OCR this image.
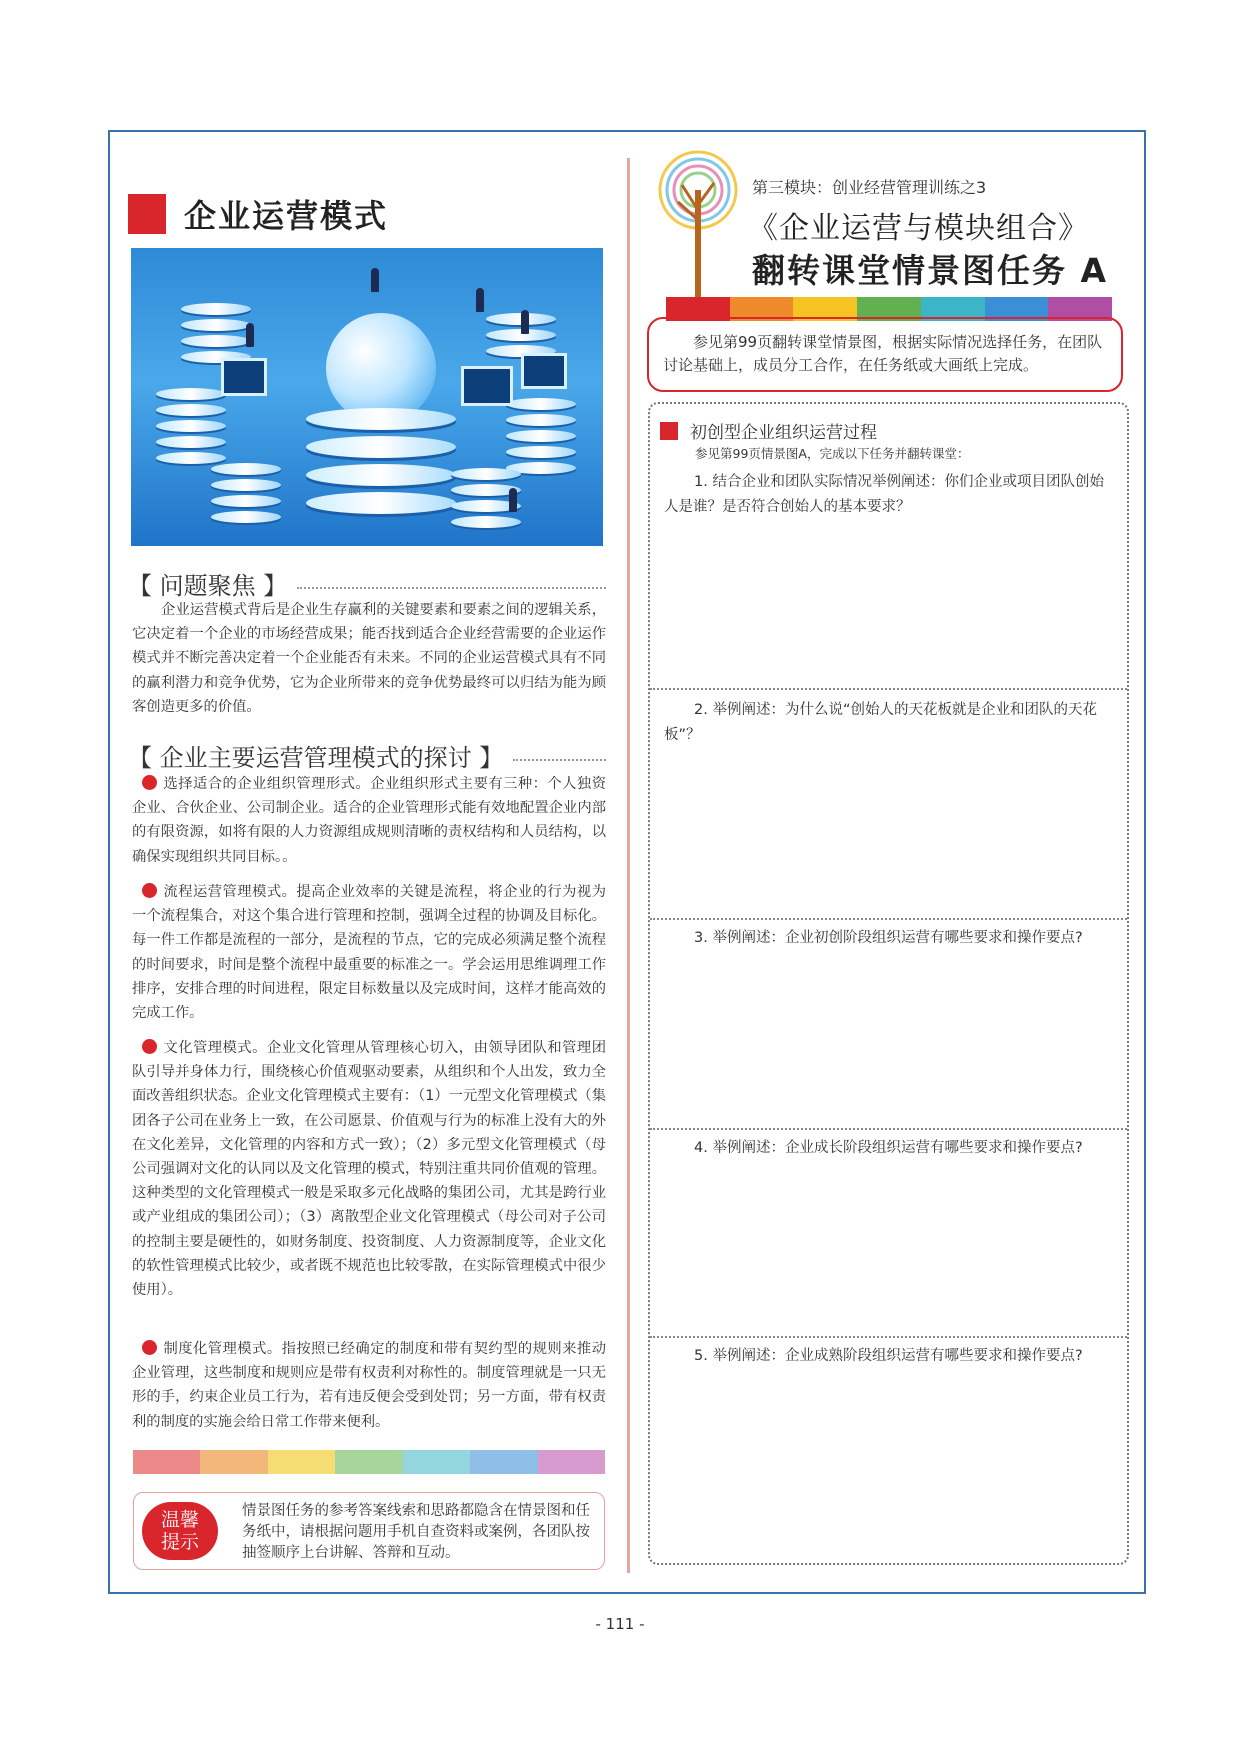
企业运营模式
【 问题聚焦 】

企业运营模式背后是企业生存赢利的关键要素和要素之间的逻辑关系，它决定着一个企业的市场经营成果；能否找到适合企业经营需要的企业运作模式并不断完善决定着一个企业能否有未来。不同的企业运营模式具有不同的赢利潜力和竞争优势，它为企业所带来的竞争优势最终可以归结为能为顾客创造更多的价值。

【 企业主要运营管理模式的探讨 】

选择适合的企业组织管理形式。企业组织形式主要有三种：个人独资企业、合伙企业、公司制企业。适合的企业管理形式能有效地配置企业内部的有限资源，如将有限的人力资源组成规则清晰的责权结构和人员结构，以确保实现组织共同目标。。

流程运营管理模式。提高企业效率的关键是流程，将企业的行为视为一个流程集合，对这个集合进行管理和控制，强调全过程的协调及目标化。每一件工作都是流程的一部分，是流程的节点，它的完成必须满足整个流程的时间要求，时间是整个流程中最重要的标准之一。学会运用思维调理工作排序，安排合理的时间进程，限定目标数量以及完成时间，这样才能高效的完成工作。

文化管理模式。企业文化管理从管理核心切入，由领导团队和管理团队引导并身体力行，围绕核心价值观驱动要素，从组织和个人出发，致力全面改善组织状态。企业文化管理模式主要有：（1）一元型文化管理模式（集团各子公司在业务上一致，在公司愿景、价值观与行为的标准上没有大的外在文化差异，文化管理的内容和方式一致）；（2）多元型文化管理模式（母公司强调对文化的认同以及文化管理的模式，特别注重共同价值观的管理。这种类型的文化管理模式一般是采取多元化战略的集团公司，尤其是跨行业或产业组成的集团公司）；（3）离散型企业文化管理模式（母公司对子公司的控制主要是硬性的，如财务制度、投资制度、人力资源制度等，企业文化的软性管理模式比较少，或者既不规范也比较零散，在实际管理模式中很少使用）。

制度化管理模式。指按照已经确定的制度和带有契约型的规则来推动企业管理，这些制度和规则应是带有权责利对称性的。制度管理就是一只无形的手，约束企业员工行为，若有违反便会受到处罚；另一方面，带有权责利的制度的实施会给日常工作带来便利。

温馨提示
情景图任务的参考答案线索和思路都隐含在情景图和任务纸中，请根据问题用手机自查资料或案例，各团队按抽签顺序上台讲解、答辩和互动。
第三模块：创业经营管理训练之3
《企业运营与模块组合》
翻转课堂情景图任务 A
参见第99页翻转课堂情景图，根据实际情况选择任务，在团队讨论基础上，成员分工合作，在任务纸或大画纸上完成。
初创型企业组织运营过程
参见第99页情景图A，完成以下任务并翻转课堂：

1. 结合企业和团队实际情况举例阐述：你们企业或项目团队创始人是谁？是否符合创始人的基本要求？

2. 举例阐述：为什么说“创始人的天花板就是企业和团队的天花板”？

3. 举例阐述：企业初创阶段组织运营有哪些要求和操作要点?

4. 举例阐述：企业成长阶段组织运营有哪些要求和操作要点?

5. 举例阐述：企业成熟阶段组织运营有哪些要求和操作要点?

- 111 -
